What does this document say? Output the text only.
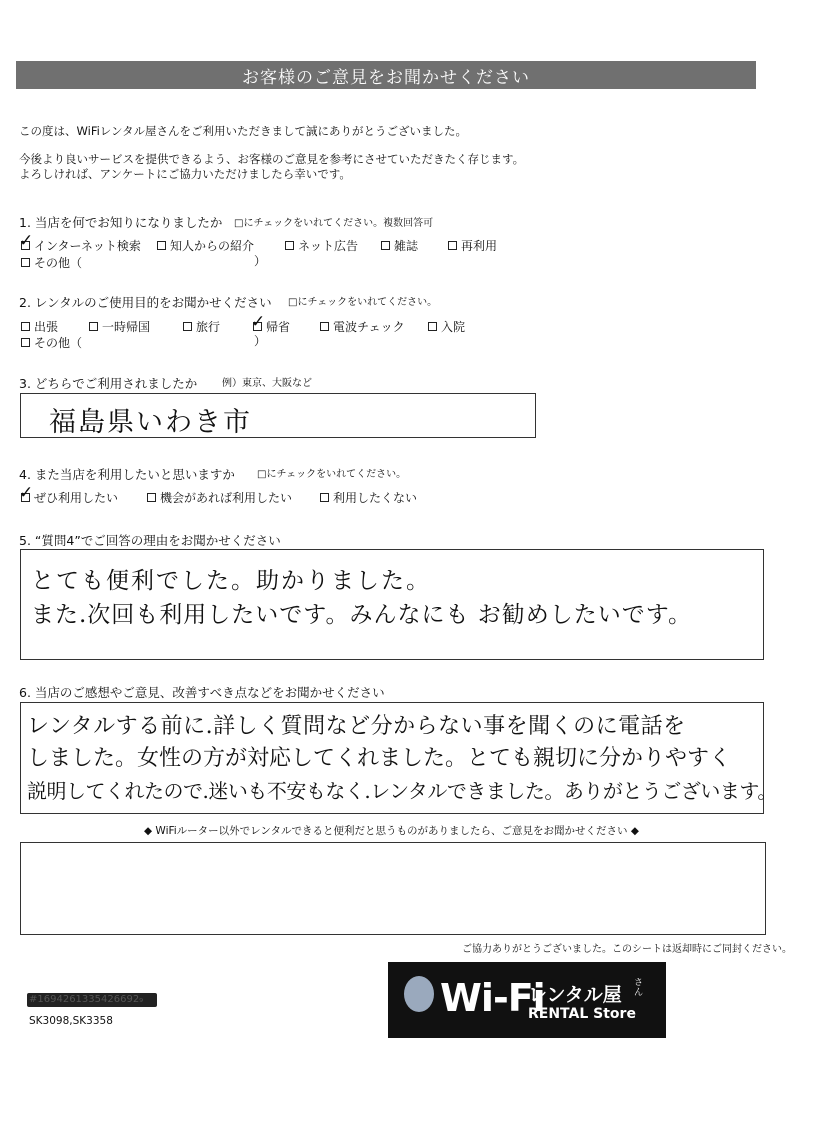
お客様のご意見をお聞かせください
この度は、WiFiレンタル屋さんをご利用いただきまして誠にありがとうございました。
今後より良いサービスを提供できるよう、お客様のご意見を参考にさせていただきたく存じます。
よろしければ、アンケートにご協力いただけましたら幸いです。
1. 当店を何でお知りになりましたか □にチェックをいれてください。複数回答可
✓ インターネット検索 知人からの紹介	ネット広告	雑誌	再利用
その他（	）
2. レンタルのご使用目的をお聞かせください □にチェックをいれてください。
出張	一時帰国	旅行 ✓ 帰省	電波チェック	入院
その他（	）
3. どちらでご利用されましたか 例）東京、大阪など
福島県いわき市
4. また当店を利用したいと思いますか □にチェックをいれてください。
✓ ぜひ利用したい	機会があれば利用したい	利用したくない
5. “質問4”でご回答の理由をお聞かせください
とても便利でした。助かりました。
また.次回も利用したいです。みんなにも お勧めしたいです。
6. 当店のご感想やご意見、改善すべき点などをお聞かせください
レンタルする前に.詳しく質問など分からない事を聞くのに電話を
しました。女性の方が対応してくれました。とても親切に分かりやすく
説明してくれたので.迷いも不安もなく.レンタルできました。ありがとうございます。
◆ WiFiルーター以外でレンタルできると便利だと思うものがありましたら、ご意見をお聞かせください ◆
ご協力ありがとうございました。このシートは返却時にご同封ください。
Wi-Fi
レンタル屋
さん
RENTAL Store
#1694261335426692₉
SK3098,SK3358
